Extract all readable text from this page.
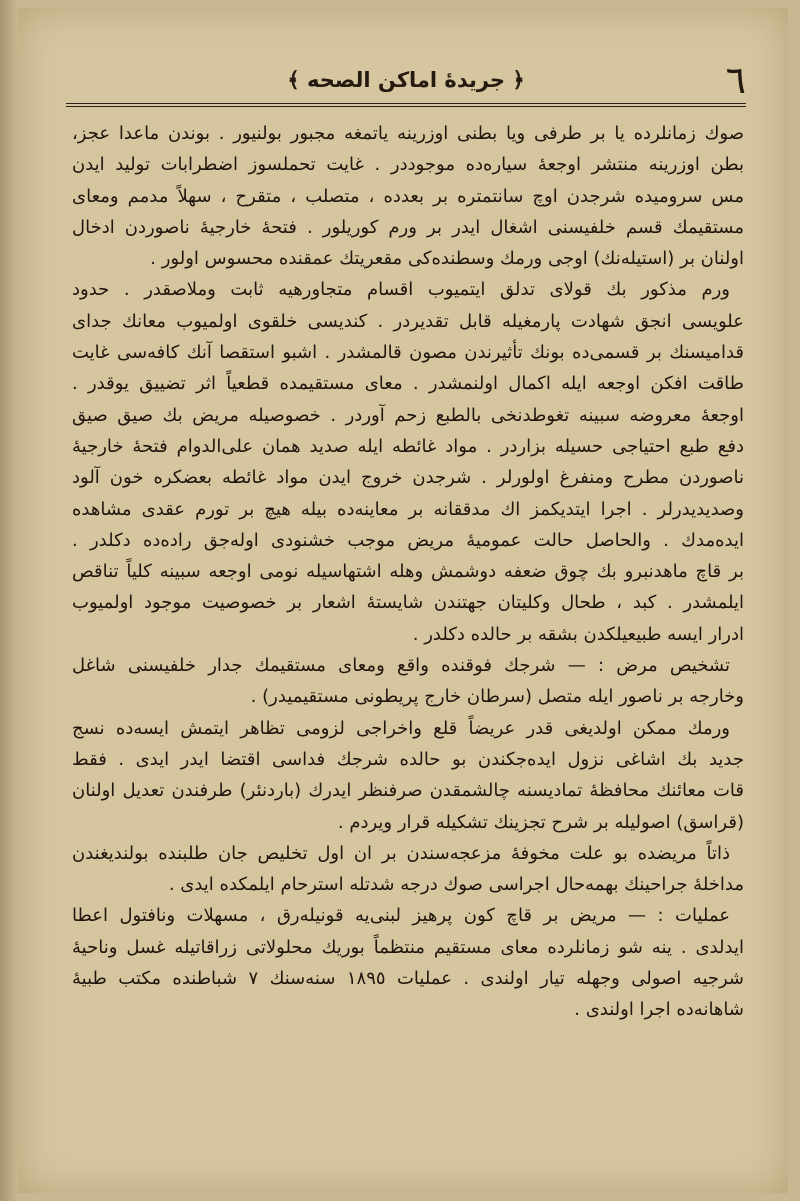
٦
﴿ جريدهٔ اماكن الصحه ﴾
صوك زمانلرده يا بر طرفی ويا بطنی اوزرينه ياتمغه مجبور بولنيور . بوندن ماعدا عجز،
بطن اوزرينه منتشر اوجعهٔ سياره‌ده موجوددر . غايت تحملسوز اضطرابات توليد ايدن
مس سرومیده شرجدن اوچ سانتمتره بر بعدده ، متصلب ، متقرح ، سهلاً مدمم ومعای
مستقيمك قسم خلفيسنی اشغال ايدر بر ورم كوريلور . فتحهٔ خارجيهٔ ناصوردن ادخال
اولنان بر (استيله‌نك) اوجی ورمك وسطنده‌كی مقعريتك عمقنده محسوس اولور .
ورم مذكور بك قولای تدلق ايتميوب اقسام متجاورهيه ثابت وملاصقدر . حدود
علويسی انجق شهادت پارمغيله قابل تقديردر . كنديسی خلقوی اولميوب معانك جدای
قداميسنك بر قسمی‌ده بونك تأثيرندن مصون قالمشدر . اشبو استقصا آنك كافه‌سی غايت
طاقت افكن اوجعه ايله اكمال اولنمشدر . معای مستقيمده قطعياً اثر تضييق يوقدر .
اوجعهٔ معروضه سبينه تغوطدنخی بالطبع زحم آوردر . خصوصيله مريض بك صيق صيق
دفع طبع احتياجی حسيله بزاردر . مواد غائطه ايله صديد همان علی‌الدوام فتحهٔ خارجيهٔ
ناصوردن مطرح ومنفرغ اولورلر . شرجدن خروج ايدن مواد غائطه بعضكره خون آلود
وصديديدرلر . اجرا ايتديكمز اك مدققانه بر معاينه‌ده بيله هيچ بر تورم عقدی مشاهده
ايده‌مدك . والحاصل حالت عموميهٔ مريض موجب خشنودی اوله‌جق راده‌ده دكلدر .
بر قاچ ماهدنبرو بك چوق ضعفه دوشمش وهله اشتهاسيله نومی اوجعه سبينه كلياً تناقص
ايلمشدر . كبد ، طحال وكليتان جهتندن شايستهٔ اشعار بر خصوصيت موجود اولميوب
ادرار ايسه طبيعيلكدن بشقه بر حالده دكلدر .
تشخيص مرض : — شرجك فوقنده واقع ومعای مستقيمك جدار خلفيسنی شاغل
وخارجه بر ناصور ايله متصل (سرطان خارج پريطونی مستقيميدر) .
ورمك ممكن اولديغی قدر عريضاً قلع واخراجی لزومی تظاهر ايتمش ايسه‌ده نسج
جديد بك اشاغی نزول ايده‌جكندن بو حالده شرجك فداسی اقتضا ايدر ايدی . فقط
قات معائنك محافظهٔ تماديسنه چالشمقدن صرفنظر ايدرك (باردنئر) طرفندن تعديل اولنان
(قراسق) اصوليله بر شرح تجزينك تشكيله قرار ويردم .
ذاتاً مريضده بو علت مخوفهٔ مزعجه‌سندن بر ان اول تخليص جان طلبنده بولنديغندن
مداخلهٔ جراحينك بهمه‌حال اجراسی صوك درجه شدتله استرحام ايلمكده ايدی .
عمليات : — مريض بر قاچ كون پرهيز لبنی‌يه قونيله‌رق ، مسهلات ونافتول اعطا
ايدلدی . ينه شو زمانلرده معای مستقيم منتظماً بوريك محلولاتی زراقاتيله غسل وناحيهٔ
شرجيه اصولی وجهله تيار اولندی . عمليات ١٨٩٥ سنه‌سنك ٧ شباطنده مكتب طبيهٔ
شاهانه‌ده اجرا اولندی .
